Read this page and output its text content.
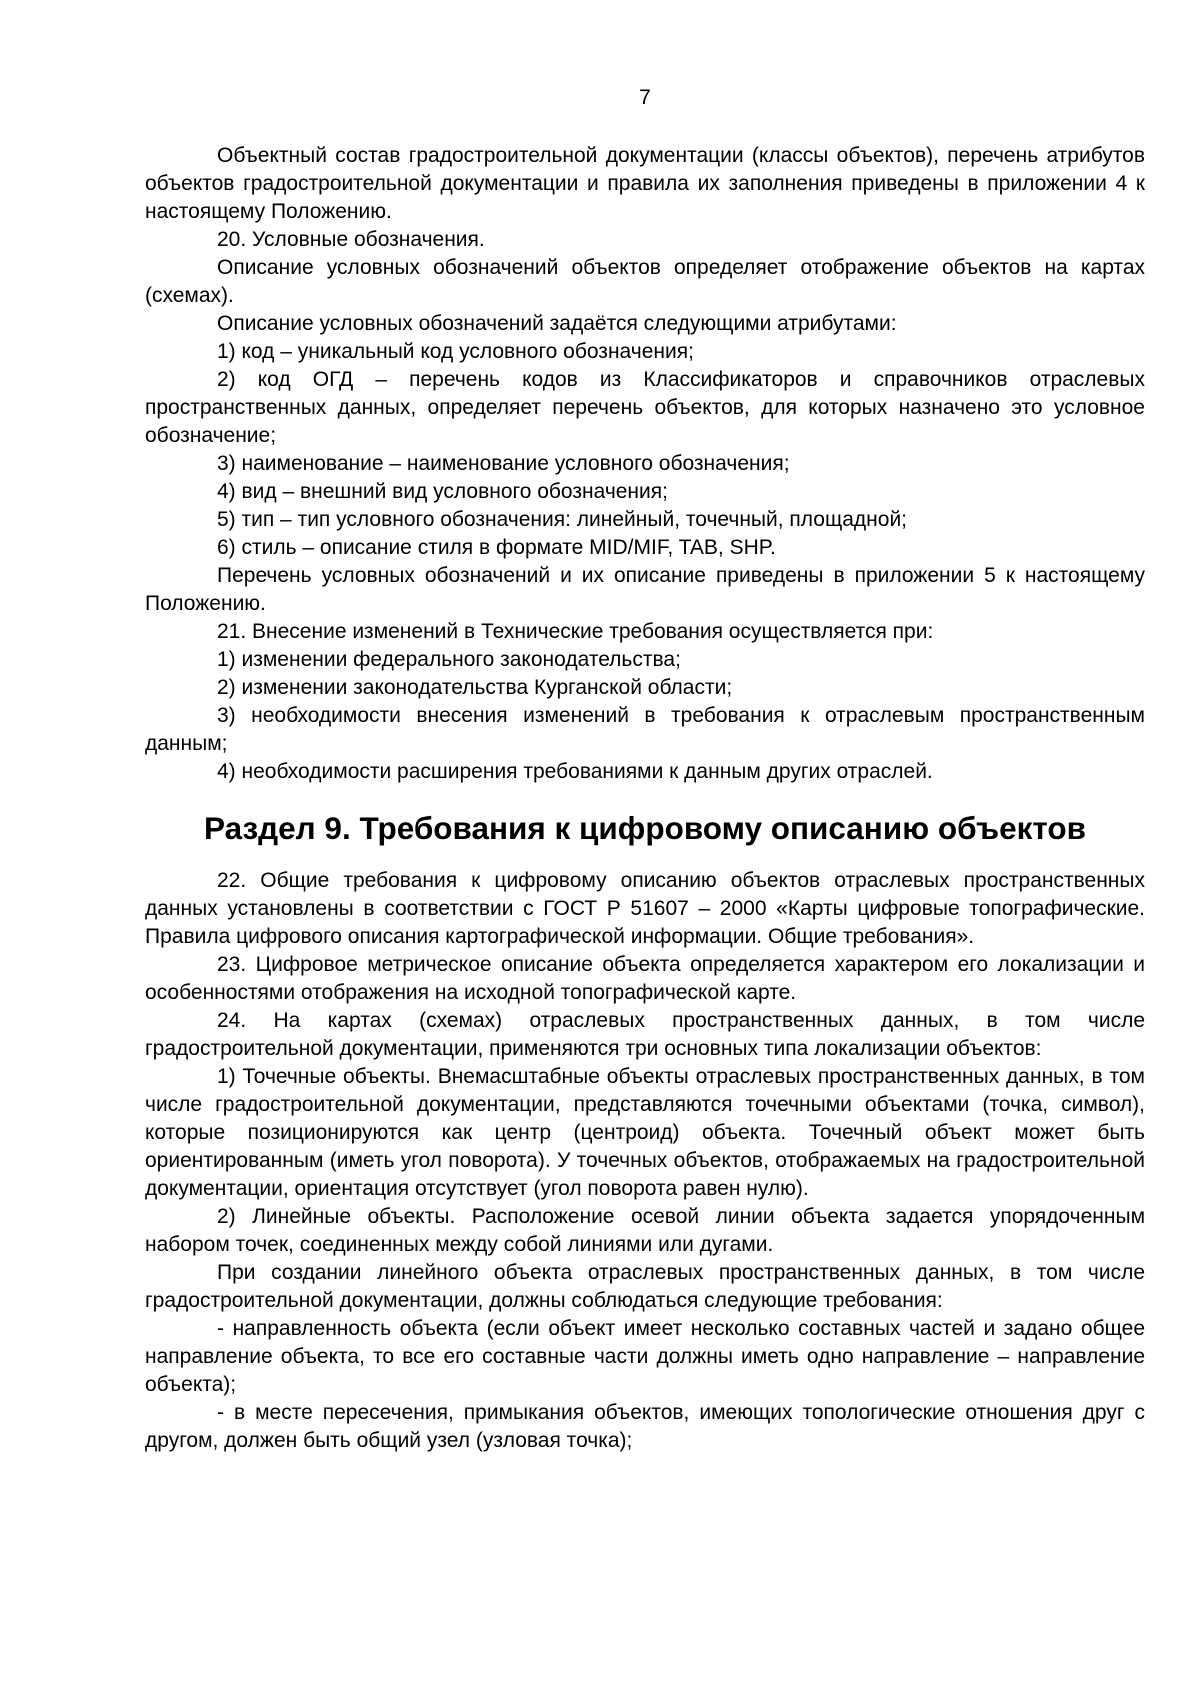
7

Объектный состав градостроительной документации (классы объектов), перечень атрибутов объектов градостроительной документации и правила их заполнения приведены в приложении 4 к настоящему Положению.

20. Условные обозначения.

Описание условных обозначений объектов определяет отображение объектов на картах (схемах).

Описание условных обозначений задаётся следующими атрибутами:

1) код – уникальный код условного обозначения;

2) код ОГД – перечень кодов из Классификаторов и справочников отраслевых пространственных данных, определяет перечень объектов, для которых назначено это условное обозначение;

3) наименование – наименование условного обозначения;

4) вид – внешний вид условного обозначения;

5) тип – тип условного обозначения: линейный, точечный, площадной;

6) стиль – описание стиля в формате MID/MIF, TAB, SHP.

Перечень условных обозначений и их описание приведены в приложении 5 к настоящему Положению.

21. Внесение изменений в Технические требования осуществляется при:

1) изменении федерального законодательства;

2) изменении законодательства Курганской области;

3) необходимости внесения изменений в требования к отраслевым пространственным данным;

4) необходимости расширения требованиями к данным других отраслей.

Раздел 9. Требования к цифровому описанию объектов

22. Общие требования к цифровому описанию объектов отраслевых пространственных данных установлены в соответствии с ГОСТ Р 51607 – 2000 «Карты цифровые топографические. Правила цифрового описания картографической информации. Общие требования».

23. Цифровое метрическое описание объекта определяется характером его локализации и особенностями отображения на исходной топографической карте.

24. На картах (схемах) отраслевых пространственных данных, в том числе градостроительной документации, применяются три основных типа локализации объектов:

1) Точечные объекты. Внемасштабные объекты отраслевых пространственных данных, в том числе градостроительной документации, представляются точечными объектами (точка, символ), которые позиционируются как центр (центроид) объекта. Точечный объект может быть ориентированным (иметь угол поворота). У точечных объектов, отображаемых на градостроительной документации, ориентация отсутствует (угол поворота равен нулю).

2) Линейные объекты. Расположение осевой линии объекта задается упорядоченным набором точек, соединенных между собой линиями или дугами.

При создании линейного объекта отраслевых пространственных данных, в том числе градостроительной документации, должны соблюдаться следующие требования:

- направленность объекта (если объект имеет несколько составных частей и задано общее направление объекта, то все его составные части должны иметь одно направление – направление объекта);

- в месте пересечения, примыкания объектов, имеющих топологические отношения друг с другом, должен быть общий узел (узловая точка);
